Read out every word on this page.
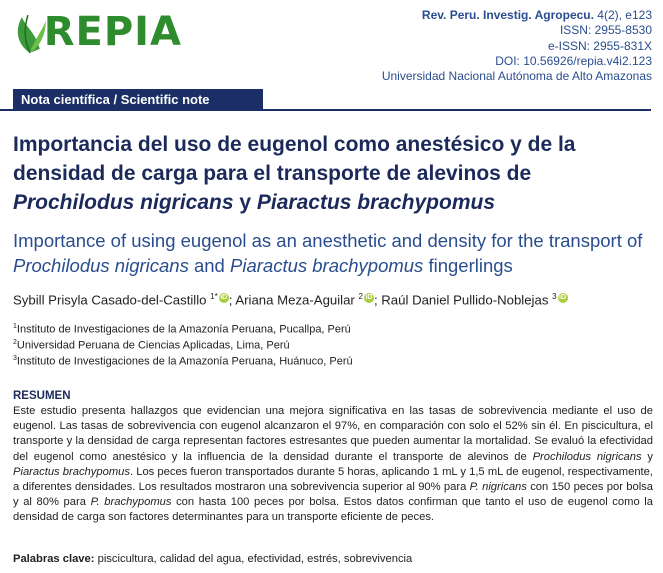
REPIA	Rev. Peru. Investig. Agropecu. 4(2), e123
ISSN: 2955-8530
e-ISSN: 2955-831X
DOI: 10.56926/repia.v4i2.123
Universidad Nacional Autónoma de Alto Amazonas
Nota científica / Scientific note
Importancia del uso de eugenol como anestésico y de la densidad de carga para el transporte de alevinos de Prochilodus nigricans y Piaractus brachypomus
Importance of using eugenol as an anesthetic and density for the transport of Prochilodus nigricans and Piaractus brachypomus fingerlings
Sybill Prisyla Casado-del-Castillo $^{1*}$ iD ; Ariana Meza-Aguilar $^2$ iD ; Raúl Daniel Pullido-Noblejas $^3$ iD
$^1$Instituto de Investigaciones de la Amazonía Peruana, Pucallpa, Perú
$^2$Universidad Peruana de Ciencias Aplicadas, Lima, Perú
$^3$Instituto de Investigaciones de la Amazonía Peruana, Huánuco, Perú
RESUMEN

Este estudio presenta hallazgos que evidencian una mejora significativa en las tasas de sobrevivencia mediante el uso de eugenol. Las tasas de sobrevivencia con eugenol alcanzaron el 97%, en comparación con solo el 52% sin él. En piscicultura, el transporte y la densidad de carga representan factores estresantes que pueden aumentar la mortalidad. Se evaluó la efectividad del eugenol como anestésico y la influencia de la densidad durante el transporte de alevinos de Prochilodus nigricans y Piaractus brachypomus. Los peces fueron transportados durante 5 horas, aplicando 1 mL y 1,5 mL de eugenol, respectivamente, a diferentes densidades. Los resultados mostraron una sobrevivencia superior al 90% para P. nigricans con 150 peces por bolsa y al 80% para P. brachypomus con hasta 100 peces por bolsa. Estos datos confirman que tanto el uso de eugenol como la densidad de carga son factores determinantes para un transporte eficiente de peces.

Palabras clave: piscicultura, calidad del agua, efectividad, estrés, sobrevivencia
